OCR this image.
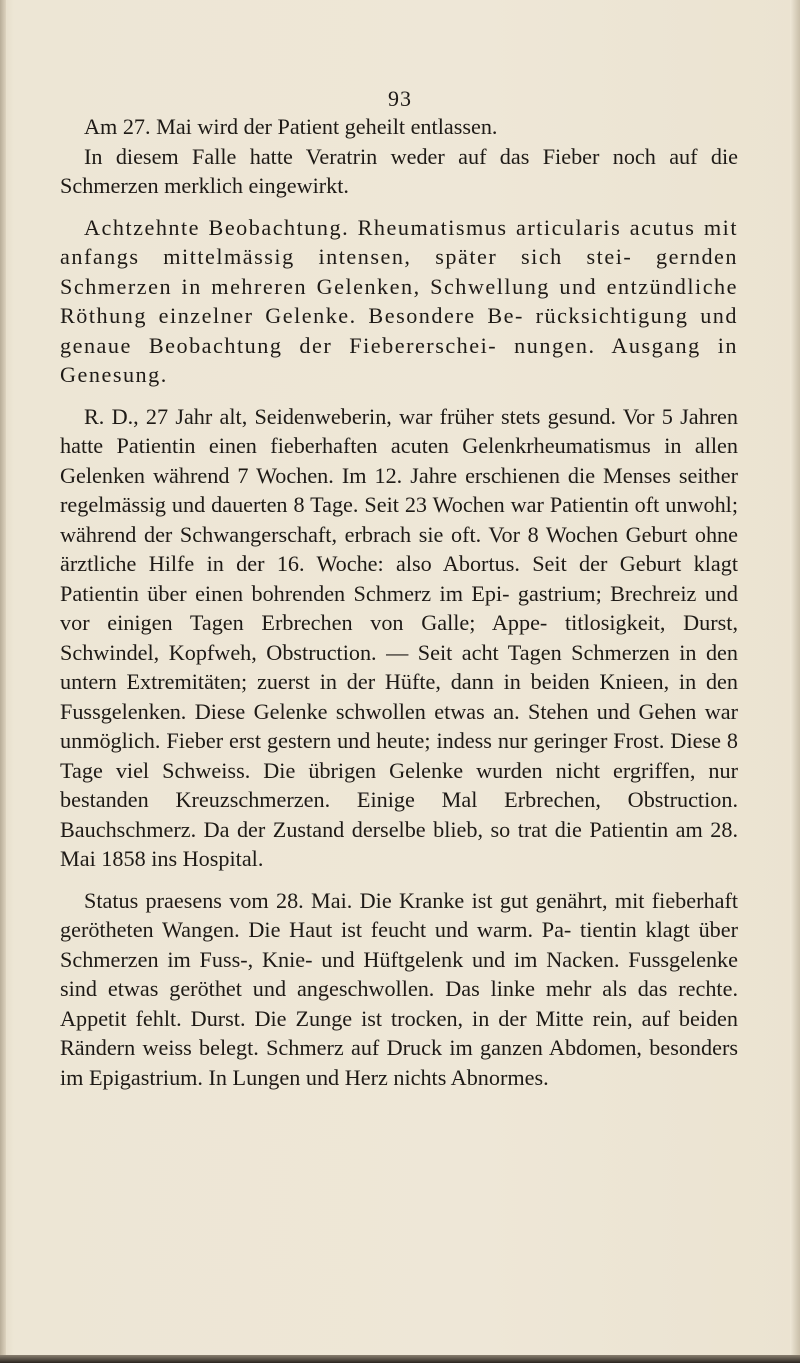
93

Am 27. Mai wird der Patient geheilt entlassen.

In diesem Falle hatte Veratrin weder auf das Fieber noch auf die Schmerzen merklich eingewirkt.

Achtzehnte Beobachtung. Rheumatismus articularis acutus mit anfangs mittelmässig intensen, später sich stei- gernden Schmerzen in mehreren Gelenken, Schwellung und entzündliche Röthung einzelner Gelenke. Besondere Be- rücksichtigung und genaue Beobachtung der Fiebererschei- nungen. Ausgang in Genesung.

R. D., 27 Jahr alt, Seidenweberin, war früher stets gesund. Vor 5 Jahren hatte Patientin einen fieberhaften acuten Gelenkrheumatismus in allen Gelenken während 7 Wochen. Im 12. Jahre erschienen die Menses seither regelmässig und dauerten 8 Tage. Seit 23 Wochen war Patientin oft unwohl; während der Schwangerschaft, erbrach sie oft. Vor 8 Wochen Geburt ohne ärztliche Hilfe in der 16. Woche: also Abortus. Seit der Geburt klagt Patientin über einen bohrenden Schmerz im Epi- gastrium; Brechreiz und vor einigen Tagen Erbrechen von Galle; Appe- titlosigkeit, Durst, Schwindel, Kopfweh, Obstruction. — Seit acht Tagen Schmerzen in den untern Extremitäten; zuerst in der Hüfte, dann in beiden Knieen, in den Fussgelenken. Diese Gelenke schwollen etwas an. Stehen und Gehen war unmöglich. Fieber erst gestern und heute; indess nur geringer Frost. Diese 8 Tage viel Schweiss. Die übrigen Gelenke wurden nicht ergriffen, nur bestanden Kreuzschmerzen. Einige Mal Erbrechen, Obstruction. Bauchschmerz. Da der Zustand derselbe blieb, so trat die Patientin am 28. Mai 1858 ins Hospital.

Status praesens vom 28. Mai. Die Kranke ist gut genährt, mit fieberhaft gerötheten Wangen. Die Haut ist feucht und warm. Pa- tientin klagt über Schmerzen im Fuss-, Knie- und Hüftgelenk und im Nacken. Fussgelenke sind etwas geröthet und angeschwollen. Das linke mehr als das rechte. Appetit fehlt. Durst. Die Zunge ist trocken, in der Mitte rein, auf beiden Rändern weiss belegt. Schmerz auf Druck im ganzen Abdomen, besonders im Epigastrium. In Lungen und Herz nichts Abnormes.
